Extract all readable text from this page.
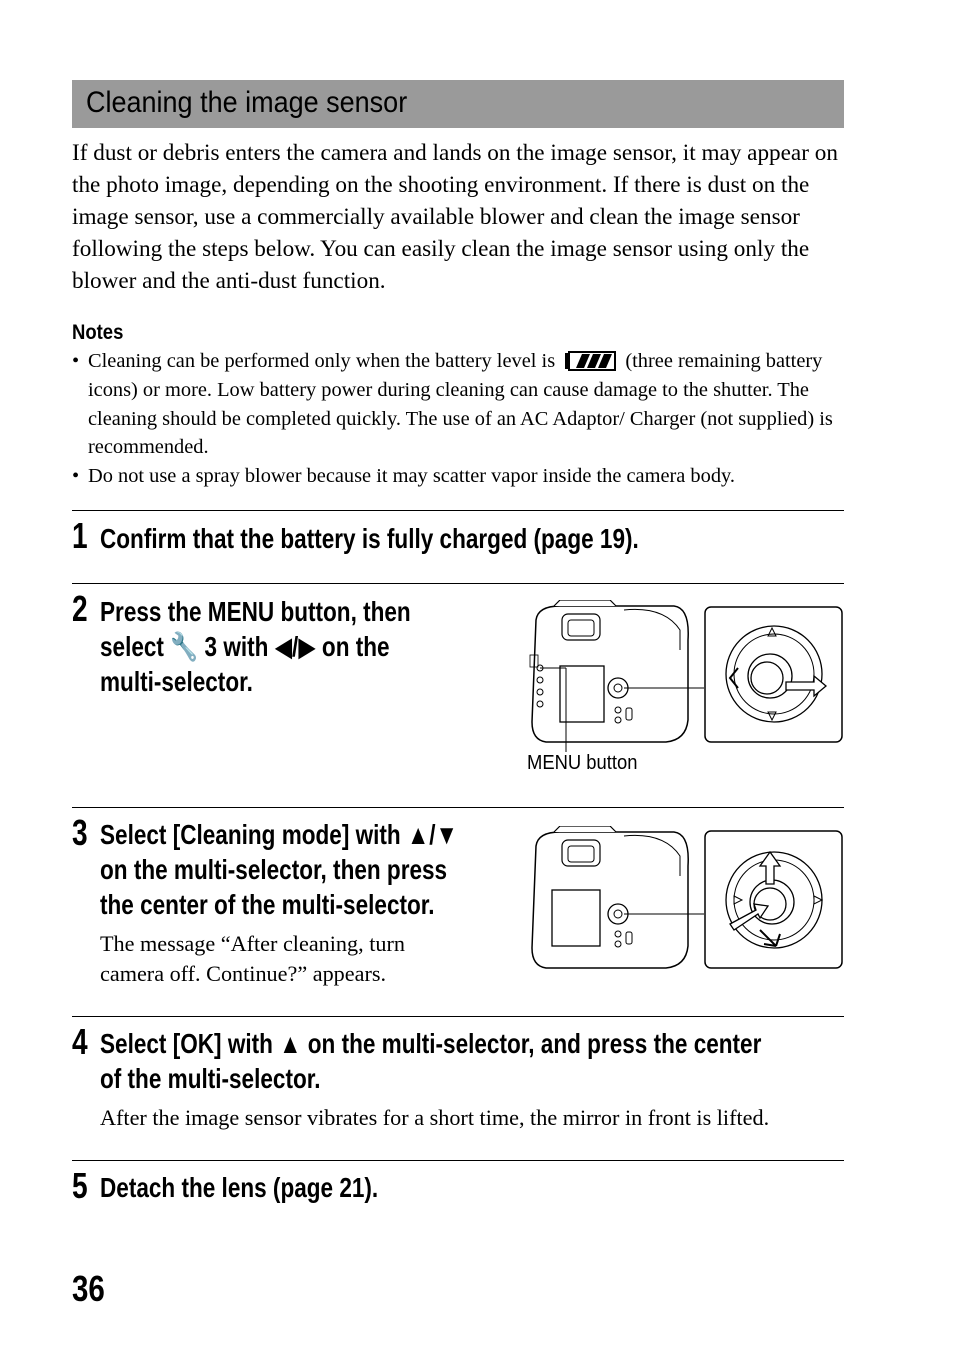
Cleaning the image sensor

If dust or debris enters the camera and lands on the image sensor, it may appear on the photo image, depending on the shooting environment. If there is dust on the image sensor, use a commercially available blower and clean the image sensor following the steps below. You can easily clean the image sensor using only the blower and the anti-dust function.

Notes

• Cleaning can be performed only when the battery level is	(three remaining battery icons) or more. Low battery power during cleaning can cause damage to the shutter. The cleaning should be completed quickly. The use of an AC Adaptor/ Charger (not supplied) is recommended.

• Do not use a spray blower because it may scatter vapor inside the camera body.

1 Confirm that the battery is fully charged (page 19).
2 Press the MENU button, then
select 🔧 3 with ◀/▶ on the
multi-selector.
MENU button
3 Select [Cleaning mode] with ▲/▼
on the multi-selector, then press
the center of the multi-selector.
The message “After cleaning, turn
camera off. Continue?” appears.
4 Select [OK] with ▲ on the multi-selector, and press the center
of the multi-selector.
After the image sensor vibrates for a short time, the mirror in front is lifted.
5 Detach the lens (page 21).
36
